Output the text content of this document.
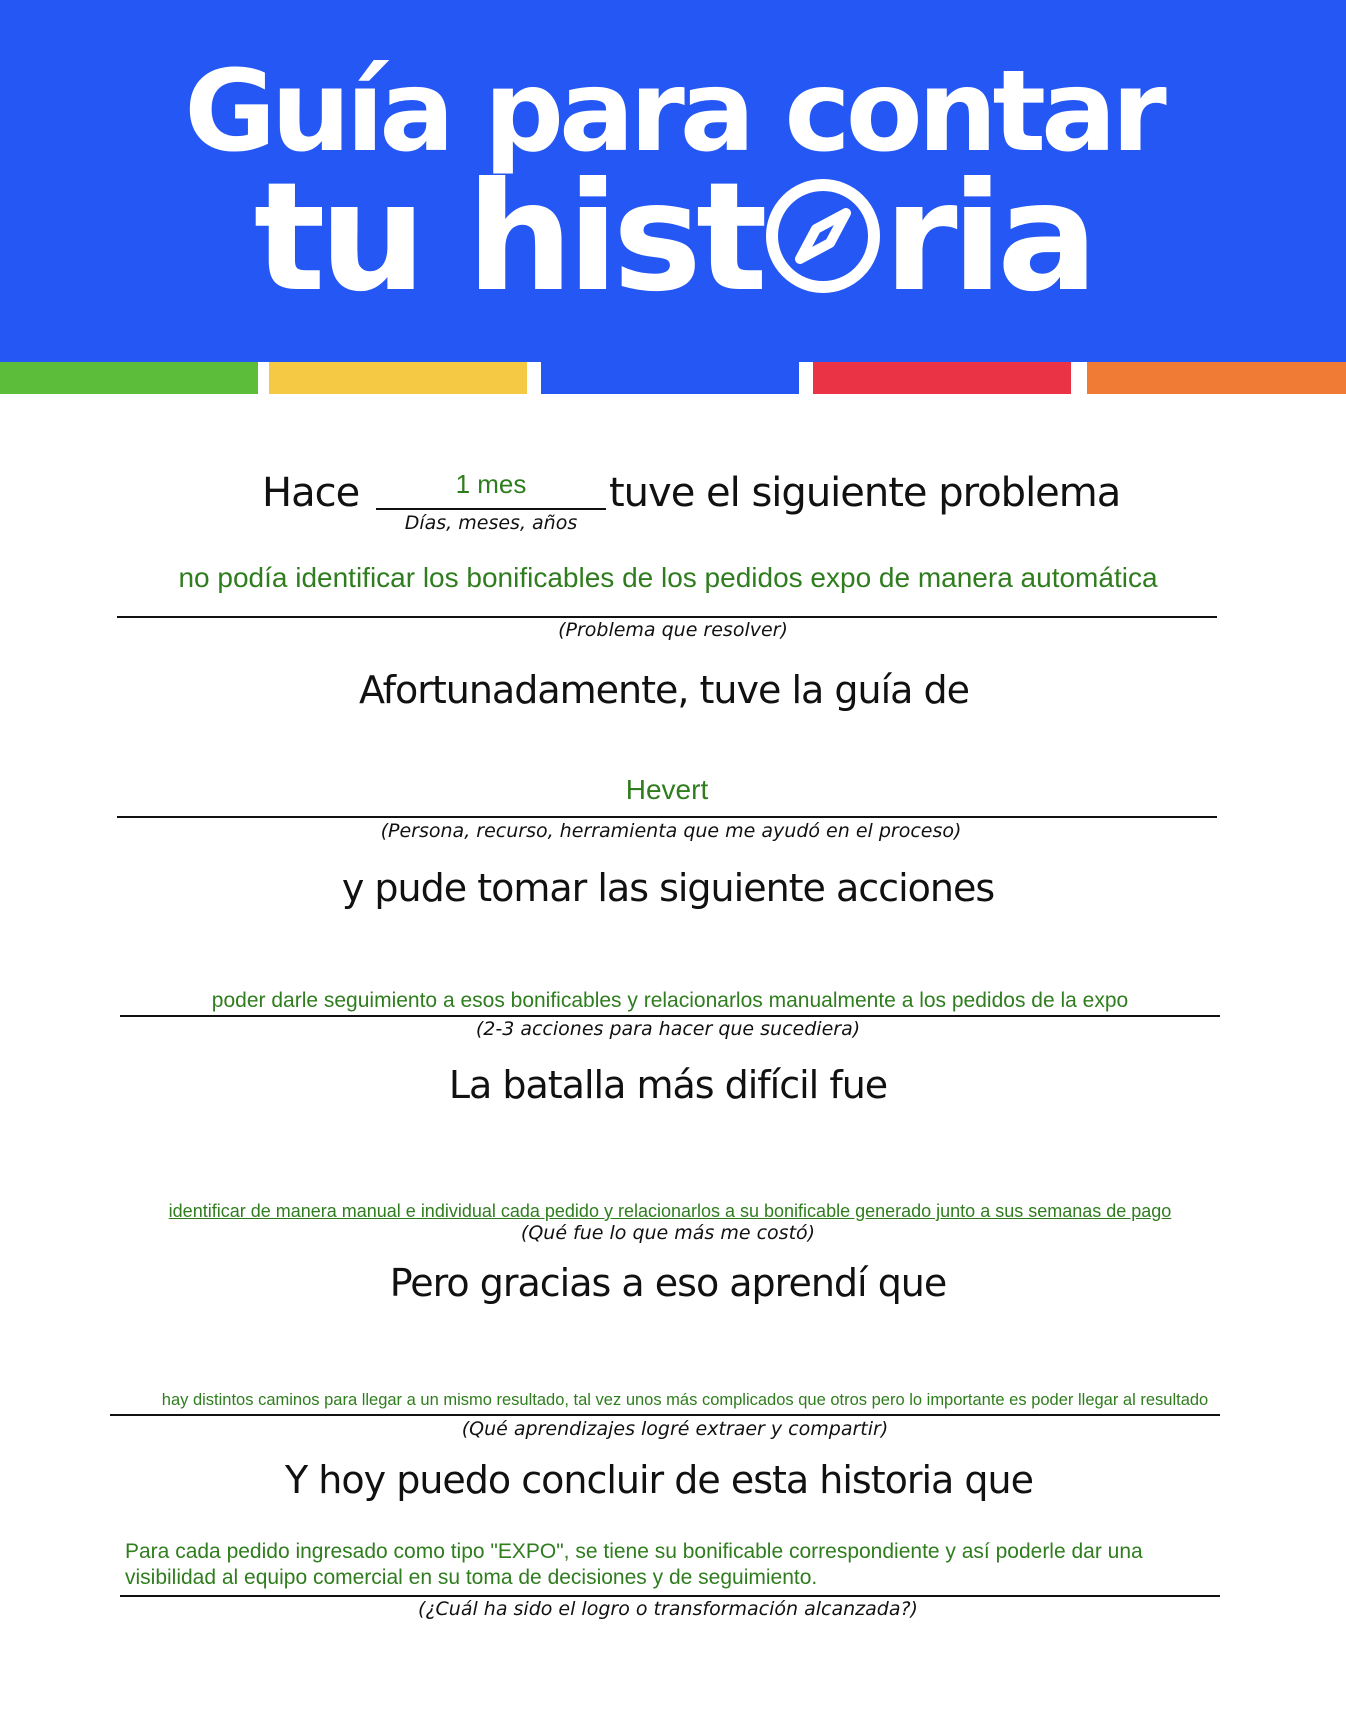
Guía para contar
tu hist ria
Hace	1 mes
Días, meses, años
tuve el siguiente problema
no podía identificar los bonificables de los pedidos expo de manera automática
(Problema que resolver)
Afortunadamente, tuve la guía de
Hevert
(Persona, recurso, herramienta que me ayudó en el proceso)
y pude tomar las siguiente acciones
poder darle seguimiento a esos bonificables y relacionarlos manualmente a los pedidos de la expo
(2-3 acciones para hacer que sucediera)
La batalla más difícil fue
identificar de manera manual e individual cada pedido y relacionarlos a su bonificable generado junto a sus semanas de pago
(Qué fue lo que más me costó)
Pero gracias a eso aprendí que
hay distintos caminos para llegar a un mismo resultado, tal vez unos más complicados que otros pero lo importante es poder llegar al resultado
(Qué aprendizajes logré extraer y compartir)
Y hoy puedo concluir de esta historia que
Para cada pedido ingresado como tipo "EXPO", se tiene su bonificable correspondiente y así poderle dar una
visibilidad al equipo comercial en su toma de decisiones y de seguimiento.
(¿Cuál ha sido el logro o transformación alcanzada?)
